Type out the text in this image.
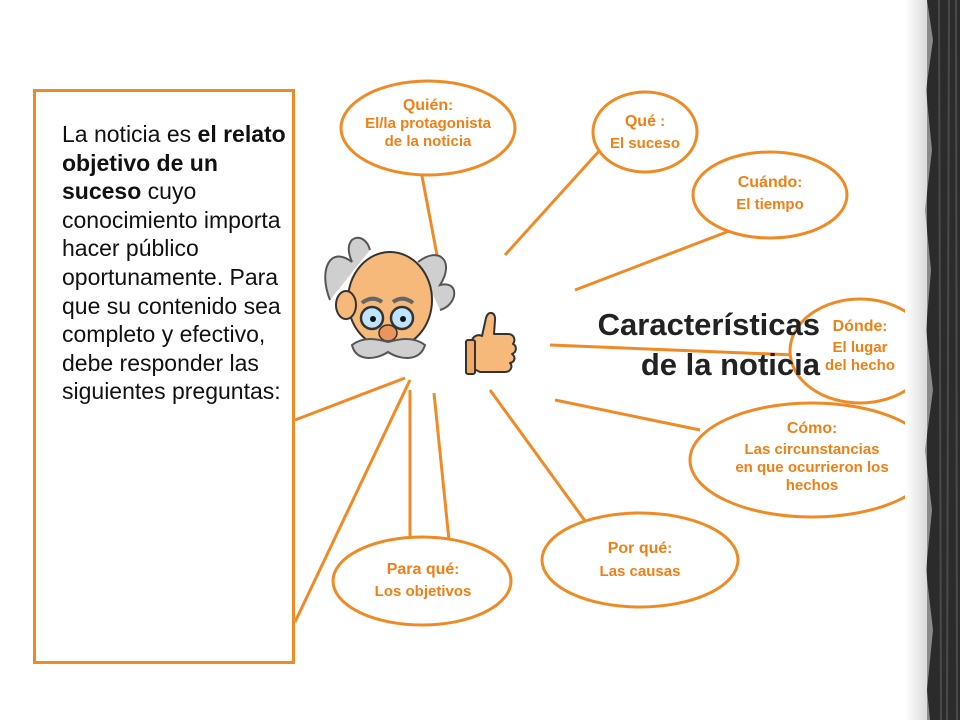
La noticia es el relato objetivo de un suceso cuyo conocimiento importa hacer público oportunamente. Para que su contenido sea completo y efectivo, debe responder las siguientes preguntas:

Características
de la noticia
Quién:
El/la protagonista
de la noticia
Qué :
El suceso
Cuándo:
El tiempo
Dónde:
El lugar
del hecho
Cómo:
Las circunstancias
en que ocurrieron los
hechos
Por qué:
Las causas
Para qué:
Los objetivos
